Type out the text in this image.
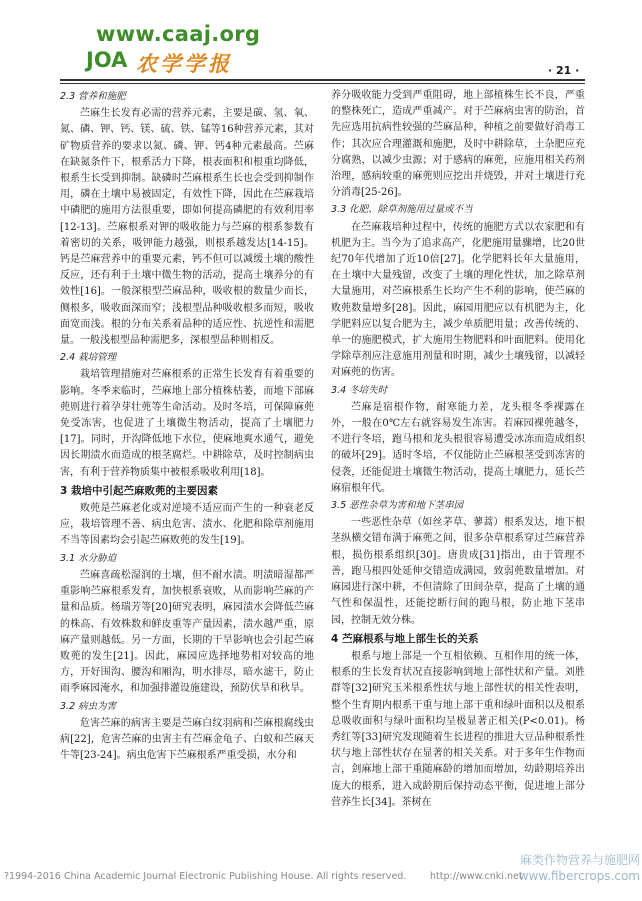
www.caaj.org
JOA 农学学报	· 21 ·
2.3 营养和施肥

苎麻生长发育必需的营养元素，主要是碳、氢、氧、氮、磷、钾、钙、镁、硫、铁、锰等16种营养元素，其对矿物质营养的要求以氮、磷、钾、钙4种元素最高。苎麻在缺氮条件下，根系活力下降，根表面积和根重均降低，根系生长受到抑制。缺磷时苎麻根系生长也会受到抑制作用，磷在土壤中易被固定，有效性下降，因此在苎麻栽培中磷肥的施用方法很重要，即如何提高磷肥的有效利用率[12-13]。苎麻根系对钾的吸收能力与苎麻的根系参数有着密切的关系，吸钾能力越强，则根系越发达[14-15]。钙是苎麻营养中的重要元素，钙不但可以减缓土壤的酸性反应，还有利于土壤中微生物的活动，提高土壤养分的有效性[16]。一般深根型苎麻品种，吸收根的数量少而长，侧根多，吸收面深而窄；浅根型品种吸收根多而短，吸收面宽而浅。根的分布关系着品种的适应性、抗逆性和需肥量。一般浅根型品种需肥多，深根型品种则相反。

2.4 栽培管理

栽培管理措施对苎麻根系的正常生长发育有着重要的影响。冬季来临时，苎麻地上部分植株枯萎，而地下部麻蔸则进行着孕芽壮蔸等生命活动。及时冬培，可保障麻蔸免受冻害，也促进了土壤微生物活动，提高了土壤肥力[17]。同时，开沟降低地下水位，使麻地爽水通气，避免因长期渍水而造成的根茎腐烂。中耕除草，及时控制病虫害，有利于营养物质集中被根系吸收利用[18]。

3 栽培中引起苎麻败蔸的主要因素

败蔸是苎麻老化或对逆境不适应而产生的一种衰老反应，栽培管理不善、病虫危害、渍水、化肥和除草剂施用不当等因素均会引起苎麻败蔸的发生[19]。

3.1 水分胁迫

苎麻喜疏松湿润的土壤，但不耐水渍。明渍暗湿都严重影响苎麻根系发育，加快根系衰败，从而影响苎麻的产量和品质。杨瑞芳等[20]研究表明，麻园渍水会降低苎麻的株高、有效株数和鲜皮重等产量因素，渍水越严重，原麻产量则越低。另一方面，长期的干旱影响也会引起苎麻败蔸的发生[21]。因此，麻园应选择地势相对较高的地方，开好围沟、腰沟和厢沟，明水排尽，暗水滤干，防止雨季麻园淹水，和加强排灌设施建设，预防伏旱和秋旱。

3.2 病虫为害

危害苎麻的病害主要是苎麻白纹羽病和苎麻根腐线虫病[22]，危害苎麻的虫害主有苎麻金龟子、白蚁和苎麻天牛等[23-24]。病虫危害下苎麻根系严重受损，水分和

养分吸收能力受到严重阻碍，地上部植株生长不良，严重的整株死亡，造成严重减产。对于苎麻病虫害的防治，首先应选用抗病性较强的苎麻品种，种植之前要做好消毒工作；其次应合理灌溉和施肥，及时中耕除草，土杂肥应充分腐熟，以减少虫源；对于感病的麻蔸，应施用相关药剂治理，感病较重的麻蔸则应挖出并烧毁，并对土壤进行充分消毒[25-26]。

3.3 化肥、除草剂施用过量或不当

在苎麻栽培种过程中，传统的施肥方式以农家肥和有机肥为主。当今为了追求高产，化肥施用量骤增，比20世纪70年代增加了近10倍[27]。化学肥料长年大量施用，在土壤中大量残留，改变了土壤的理化性状，加之除草剂大量施用，对苎麻根系生长均产生不利的影响，使苎麻的败蔸数量增多[28]。因此，麻园用肥应以有机肥为主，化学肥料应以复合肥为主，减少单质肥用量；改善传统的、单一的施肥模式，扩大施用生物肥料和叶面肥料。使用化学除草剂应注意施用剂量和时期，减少土壤残留，以减轻对麻蔸的伤害。

3.4 冬培失时

苎麻是宿根作物，耐寒能力差，龙头根冬季裸露在外，一般在0℃左右就容易发生冻害。若麻园裸蔸越冬，不进行冬培，跑马根和龙头根很容易遭受冰冻而造成组织的破坏[29]。适时冬培，不仅能防止苎麻根茎受到冻害的侵袭，还能促进土壤微生物活动，提高土壤肥力，延长苎麻宿根年代。

3.5 恶性杂草为害和地下茎串园

一些恶性杂草（如丝茅草、蓼蒿）根系发达，地下根茎纵横交错布满于麻蔸之间，很多杂草根系穿过苎麻营养根，损伤根系组织[30]。唐贵成[31]指出，由于管理不善，跑马根四处延伸交错造成满园，致弱蔸数量增加。对麻园进行深中耕，不但清除了田间杂草，提高了土壤的通气性和保温性，还能挖断行间的跑马根，防止地下茎串园，控制无效分株。

4 苎麻根系与地上部生长的关系

根系与地上部是一个互相依赖、互相作用的统一体，根系的生长发育状况直接影响到地上部性状和产量。刘胜群等[32]研究玉米根系性状与地上部性状的相关性表明，整个生育期内根系干重与地上部干重和绿叶面积以及根系总吸收面积与绿叶面积均呈极显著正相关(P<0.01)。杨秀红等[33]研究发现随着生长进程的推进大豆品种根系性状与地上部性状存在显著的相关关系。对于多年生作物而言，剑麻地上部干重随麻龄的增加而增加，幼龄期培养出庞大的根系，进入成龄期后保持动态平衡，促进地上部分营养生长[34]。茶树在

麻类作物营养与施肥网
www.fibercrops.com
?1994-2016 China Academic Journal Electronic Publishing House. All rights reserved. http://www.cnki.net
